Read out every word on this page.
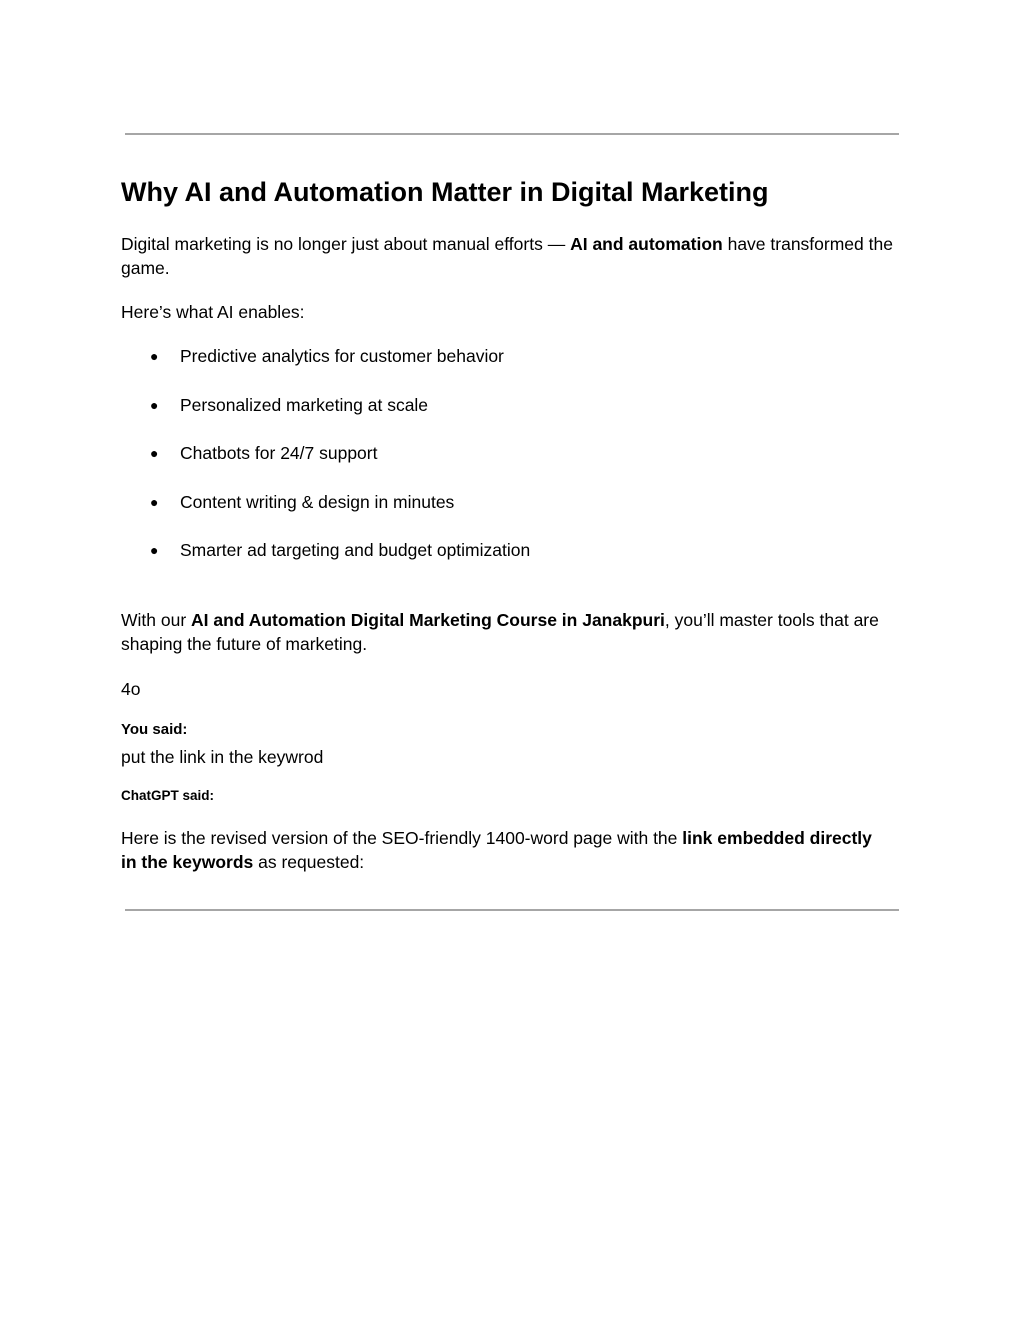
Why AI and Automation Matter in Digital Marketing
Digital marketing is no longer just about manual efforts — AI and automation have transformed the game.
Here’s what AI enables:
●	Predictive analytics for customer behavior
●	Personalized marketing at scale
●	Chatbots for 24/7 support
●	Content writing & design in minutes
●	Smarter ad targeting and budget optimization
With our AI and Automation Digital Marketing Course in Janakpuri, you’ll master tools that are shaping the future of marketing.
4o
You said:
put the link in the keywrod
ChatGPT said:
Here is the revised version of the SEO-friendly 1400-word page with the link embedded directly in the keywords as requested:
